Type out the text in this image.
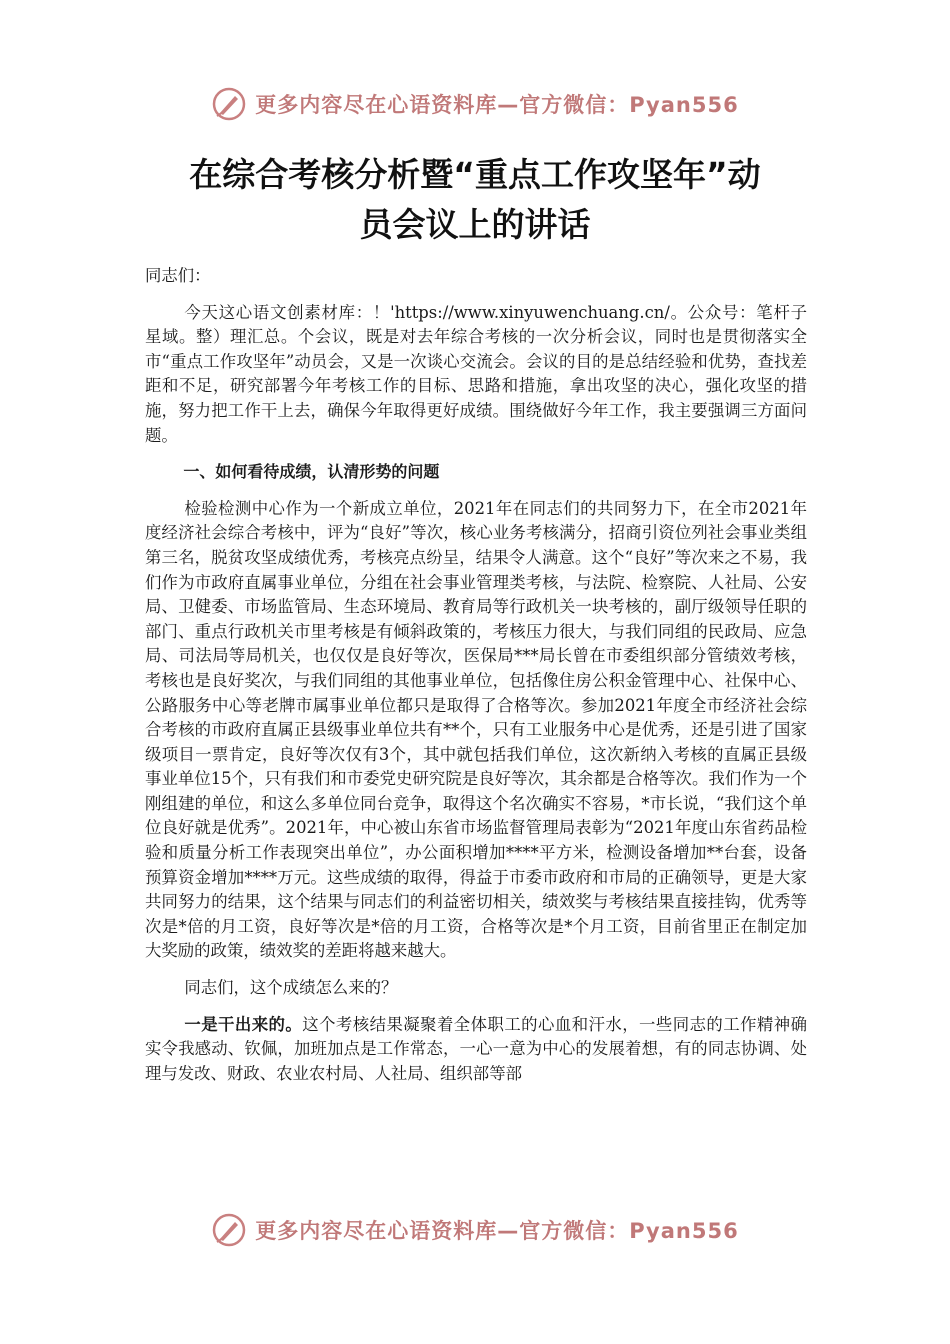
更多内容尽在心语资料库—官方微信：Pyan556
在综合考核分析暨“重点工作攻坚年”动
员会议上的讲话

同志们：

今天这心语文创素材库：！'https://www.xinyuwenchuang.cn/。公众号：笔杆子星域。整）理汇总。个会议，既是对去年综合考核的一次分析会议，同时也是贯彻落实全市“重点工作攻坚年”动员会，又是一次谈心交流会。会议的目的是总结经验和优势，查找差距和不足，研究部署今年考核工作的目标、思路和措施，拿出攻坚的决心，强化攻坚的措施，努力把工作干上去，确保今年取得更好成绩。围绕做好今年工作，我主要强调三方面问题。

一、如何看待成绩，认清形势的问题

检验检测中心作为一个新成立单位，2021年在同志们的共同努力下，在全市2021年度经济社会综合考核中，评为“良好”等次，核心业务考核满分，招商引资位列社会事业类组第三名，脱贫攻坚成绩优秀，考核亮点纷呈，结果令人满意。这个“良好”等次来之不易，我们作为市政府直属事业单位，分组在社会事业管理类考核，与法院、检察院、人社局、公安局、卫健委、市场监管局、生态环境局、教育局等行政机关一块考核的，副厅级领导任职的部门、重点行政机关市里考核是有倾斜政策的，考核压力很大，与我们同组的民政局、应急局、司法局等局机关，也仅仅是良好等次，医保局***局长曾在市委组织部分管绩效考核，考核也是良好奖次，与我们同组的其他事业单位，包括像住房公积金管理中心、社保中心、公路服务中心等老牌市属事业单位都只是取得了合格等次。参加2021年度全市经济社会综合考核的市政府直属正县级事业单位共有**个，只有工业服务中心是优秀，还是引进了国家级项目一票肯定，良好等次仅有3个，其中就包括我们单位，这次新纳入考核的直属正县级事业单位15个，只有我们和市委党史研究院是良好等次，其余都是合格等次。我们作为一个刚组建的单位，和这么多单位同台竞争，取得这个名次确实不容易，*市长说，“我们这个单位良好就是优秀”。2021年，中心被山东省市场监督管理局表彰为“2021年度山东省药品检验和质量分析工作表现突出单位”，办公面积增加****平方米，检测设备增加**台套，设备预算资金增加****万元。这些成绩的取得，得益于市委市政府和市局的正确领导，更是大家共同努力的结果，这个结果与同志们的利益密切相关，绩效奖与考核结果直接挂钩，优秀等次是*倍的月工资，良好等次是*倍的月工资，合格等次是*个月工资，目前省里正在制定加大奖励的政策，绩效奖的差距将越来越大。

同志们，这个成绩怎么来的？

一是干出来的。这个考核结果凝聚着全体职工的心血和汗水，一些同志的工作精神确实令我感动、钦佩，加班加点是工作常态，一心一意为中心的发展着想，有的同志协调、处理与发改、财政、农业农村局、人社局、组织部等部

更多内容尽在心语资料库—官方微信：Pyan556
